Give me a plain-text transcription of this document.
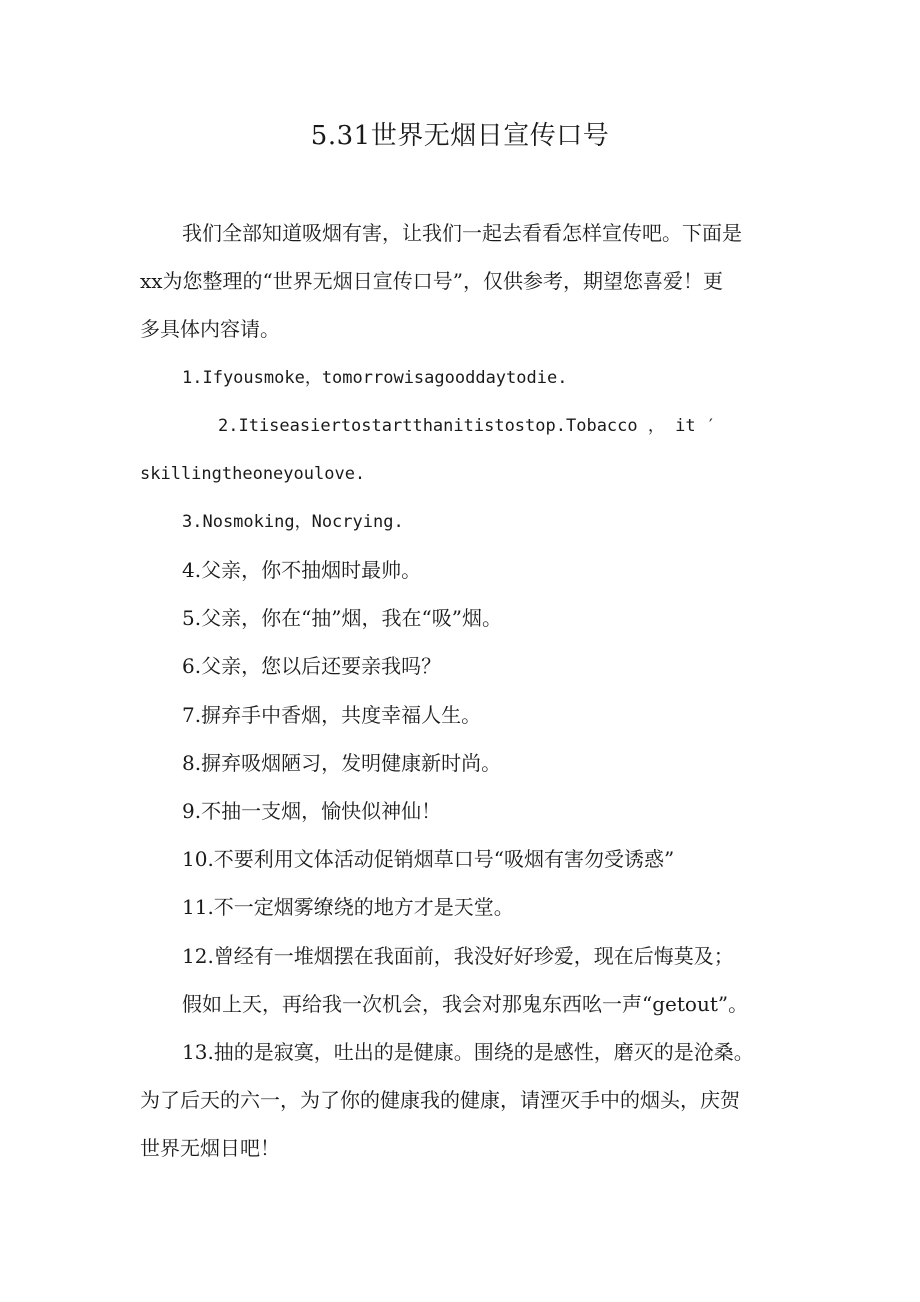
5.31世界无烟日宣传口号
我们全部知道吸烟有害，让我们一起去看看怎样宣传吧。下面是
xx为您整理的“世界无烟日宣传口号”，仅供参考，期望您喜爱！更
多具体内容请。
1.Ifyousmoke，tomorrowisagooddaytodie.
2.Itiseasiertostartthanitistostop.Tobacco ， it ′
skillingtheoneyoulove.
3.Nosmoking，Nocrying.
4.父亲，你不抽烟时最帅。
5.父亲，你在“抽”烟，我在“吸”烟。
6.父亲，您以后还要亲我吗？
7.摒弃手中香烟，共度幸福人生。
8.摒弃吸烟陋习，发明健康新时尚。
9.不抽一支烟，愉快似神仙！
10.不要利用文体活动促销烟草口号“吸烟有害勿受诱惑”
11.不一定烟雾缭绕的地方才是天堂。
12.曾经有一堆烟摆在我面前，我没好好珍爱，现在后悔莫及；
假如上天，再给我一次机会，我会对那鬼东西吆一声“getout”。
13.抽的是寂寞，吐出的是健康。围绕的是感性，磨灭的是沧桑。
为了后天的六一，为了你的健康我的健康，请湮灭手中的烟头，庆贺
世界无烟日吧！
